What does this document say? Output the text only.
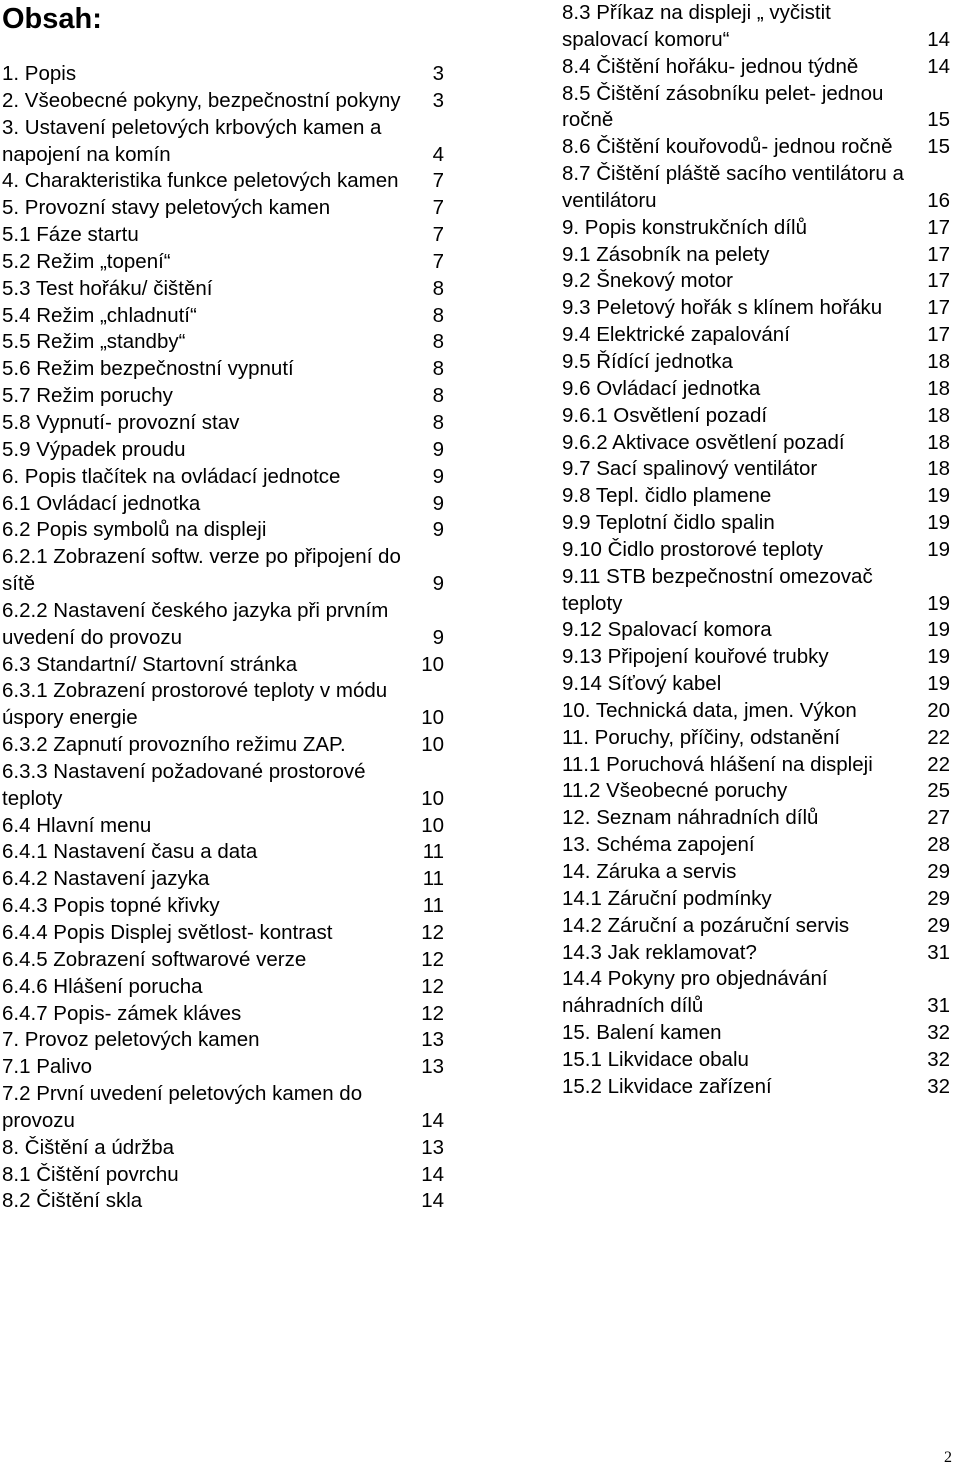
Obsah:
1. Popis	3
2. Všeobecné pokyny, bezpečnostní pokyny	3
3. Ustavení peletových krbových kamen a napojení na komín	4
4. Charakteristika funkce peletových kamen	7
5. Provozní stavy peletových kamen	7
5.1 Fáze startu	7
5.2 Režim „topení“	7
5.3 Test hořáku/ čištění	8
5.4 Režim „chladnutí“	8
5.5 Režim „standby“	8
5.6 Režim bezpečnostní vypnutí	8
5.7 Režim poruchy	8
5.8 Vypnutí- provozní stav	8
5.9 Výpadek proudu	9
6. Popis tlačítek na ovládací jednotce	9
6.1 Ovládací jednotka	9
6.2 Popis symbolů na displeji	9
6.2.1 Zobrazení softw. verze po připojení do sítě	9
6.2.2 Nastavení českého jazyka při prvním uvedení do provozu	9
6.3 Standartní/ Startovní stránka	10
6.3.1 Zobrazení prostorové teploty v módu úspory energie	10
6.3.2 Zapnutí provozního režimu ZAP.	10
6.3.3 Nastavení požadované prostorové teploty	10
6.4 Hlavní menu	10
6.4.1 Nastavení času a data	11
6.4.2 Nastavení jazyka	11
6.4.3 Popis topné křivky	11
6.4.4 Popis Displej světlost- kontrast	12
6.4.5 Zobrazení softwarové verze	12
6.4.6 Hlášení porucha	12
6.4.7 Popis- zámek kláves	12
7. Provoz peletových kamen	13
7.1 Palivo	13
7.2 První uvedení peletových kamen do provozu	14
8. Čištění a údržba	13
8.1 Čištění povrchu	14
8.2 Čištění skla	14
8.3 Příkaz na displeji „ vyčistit spalovací komoru“	14
8.4 Čištění hořáku- jednou týdně	14
8.5 Čištění zásobníku pelet- jednou ročně	15
8.6 Čištění kouřovodů- jednou ročně	15
8.7 Čištění pláště sacího ventilátoru a ventilátoru	16
9. Popis konstrukčních dílů	17
9.1 Zásobník na pelety	17
9.2 Šnekový motor	17
9.3 Peletový hořák s klínem hořáku	17
9.4 Elektrické zapalování	17
9.5 Řídící jednotka	18
9.6 Ovládací jednotka	18
9.6.1 Osvětlení pozadí	18
9.6.2 Aktivace osvětlení pozadí	18
9.7 Sací spalinový ventilátor	18
9.8 Tepl. čidlo plamene	19
9.9 Teplotní čidlo spalin	19
9.10 Čidlo prostorové teploty	19
9.11 STB bezpečnostní omezovač teploty	19
9.12 Spalovací komora	19
9.13 Připojení kouřové trubky	19
9.14 Síťový kabel	19
10. Technická data, jmen. Výkon	20
11. Poruchy, příčiny, odstanění	22
11.1 Poruchová hlášení na displeji	22
11.2 Všeobecné poruchy	25
12. Seznam náhradních dílů	27
13. Schéma zapojení	28
14. Záruka a servis	29
14.1 Záruční podmínky	29
14.2 Záruční a pozáruční servis	29
14.3 Jak reklamovat?	31
14.4 Pokyny pro objednávání náhradních dílů	31
15. Balení kamen	32
15.1 Likvidace obalu	32
15.2 Likvidace zařízení	32
2
